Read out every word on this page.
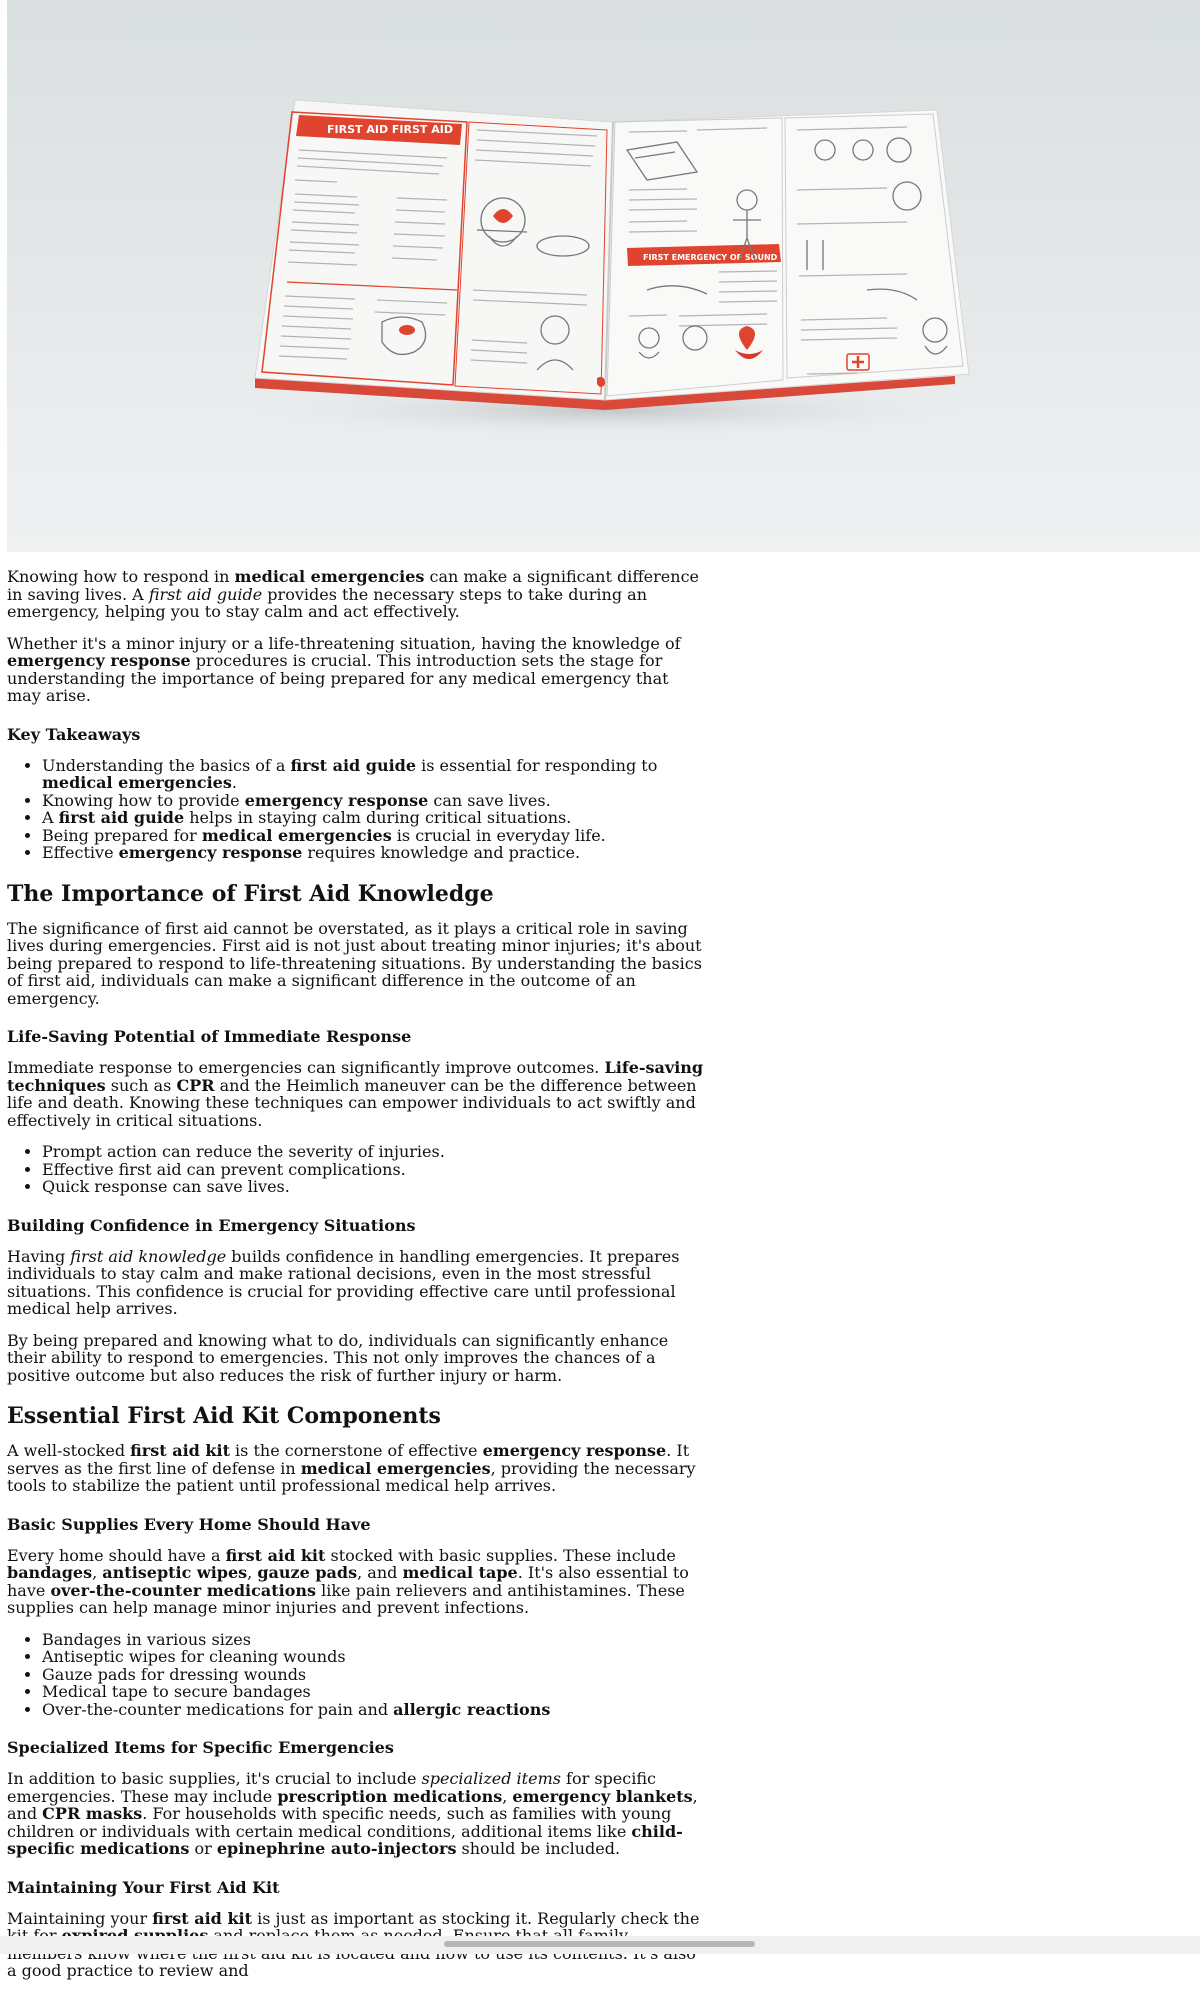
FIRST AID FIRST AID
FIRST EMERGENCY OF SOUND

Knowing how to respond in medical emergencies can make a significant difference in saving lives. A first aid guide provides the necessary steps to take during an emergency, helping you to stay calm and act effectively.

Whether it's a minor injury or a life-threatening situation, having the knowledge of emergency response procedures is crucial. This introduction sets the stage for understanding the importance of being prepared for any medical emergency that may arise.

Key Takeaways
• Understanding the basics of a first aid guide is essential for responding to medical emergencies.
• Knowing how to provide emergency response can save lives.
• A first aid guide helps in staying calm during critical situations.
• Being prepared for medical emergencies is crucial in everyday life.
• Effective emergency response requires knowledge and practice.
The Importance of First Aid Knowledge

The significance of first aid cannot be overstated, as it plays a critical role in saving lives during emergencies. First aid is not just about treating minor injuries; it's about being prepared to respond to life-threatening situations. By understanding the basics of first aid, individuals can make a significant difference in the outcome of an emergency.

Life-Saving Potential of Immediate Response

Immediate response to emergencies can significantly improve outcomes. Life-saving techniques such as CPR and the Heimlich maneuver can be the difference between life and death. Knowing these techniques can empower individuals to act swiftly and effectively in critical situations.

• Prompt action can reduce the severity of injuries.
• Effective first aid can prevent complications.
• Quick response can save lives.
Building Confidence in Emergency Situations

Having first aid knowledge builds confidence in handling emergencies. It prepares individuals to stay calm and make rational decisions, even in the most stressful situations. This confidence is crucial for providing effective care until professional medical help arrives.

By being prepared and knowing what to do, individuals can significantly enhance their ability to respond to emergencies. This not only improves the chances of a positive outcome but also reduces the risk of further injury or harm.

Essential First Aid Kit Components

A well-stocked first aid kit is the cornerstone of effective emergency response. It serves as the first line of defense in medical emergencies, providing the necessary tools to stabilize the patient until professional medical help arrives.

Basic Supplies Every Home Should Have

Every home should have a first aid kit stocked with basic supplies. These include bandages, antiseptic wipes, gauze pads, and medical tape. It's also essential to have over-the-counter medications like pain relievers and antihistamines. These supplies can help manage minor injuries and prevent infections.

• Bandages in various sizes
• Antiseptic wipes for cleaning wounds
• Gauze pads for dressing wounds
• Medical tape to secure bandages
• Over-the-counter medications for pain and allergic reactions
Specialized Items for Specific Emergencies

In addition to basic supplies, it's crucial to include specialized items for specific emergencies. These may include prescription medications, emergency blankets, and CPR masks. For households with specific needs, such as families with young children or individuals with certain medical conditions, additional items like child-specific medications or epinephrine auto-injectors should be included.

Maintaining Your First Aid Kit

Maintaining your first aid kit is just as important as stocking it. Regularly check the a good practice to review and
